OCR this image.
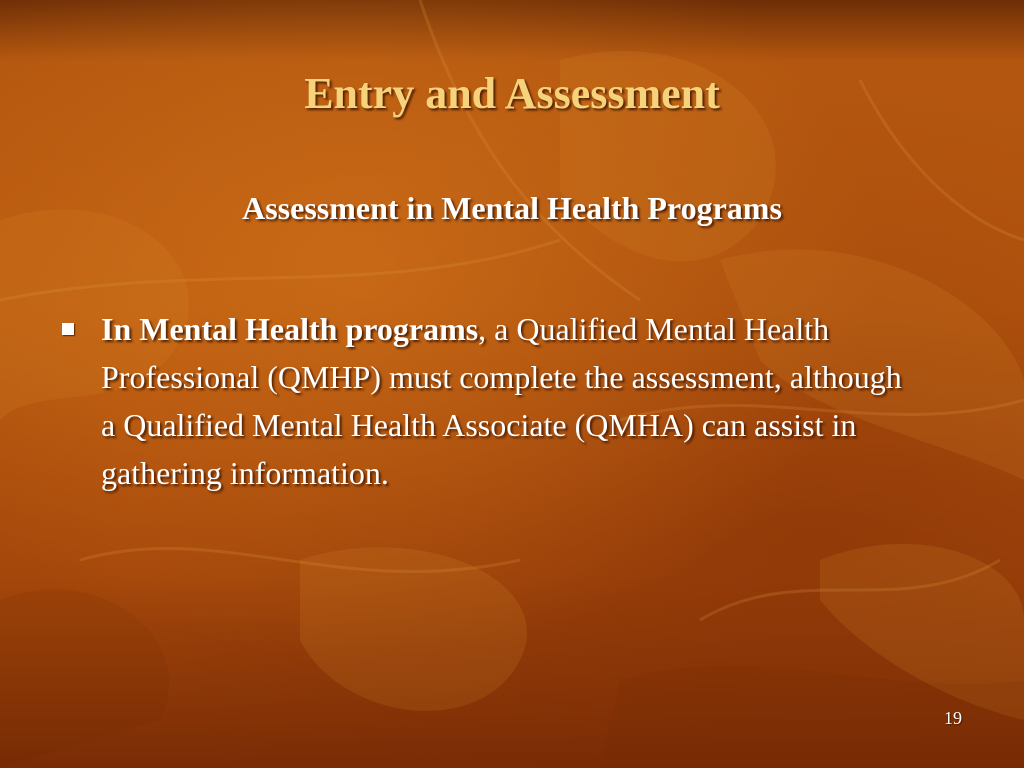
Entry and Assessment
Assessment in Mental Health Programs
In Mental Health programs, a Qualified Mental Health Professional (QMHP) must complete the assessment, although a Qualified Mental Health Associate (QMHA) can assist in gathering information.
19
